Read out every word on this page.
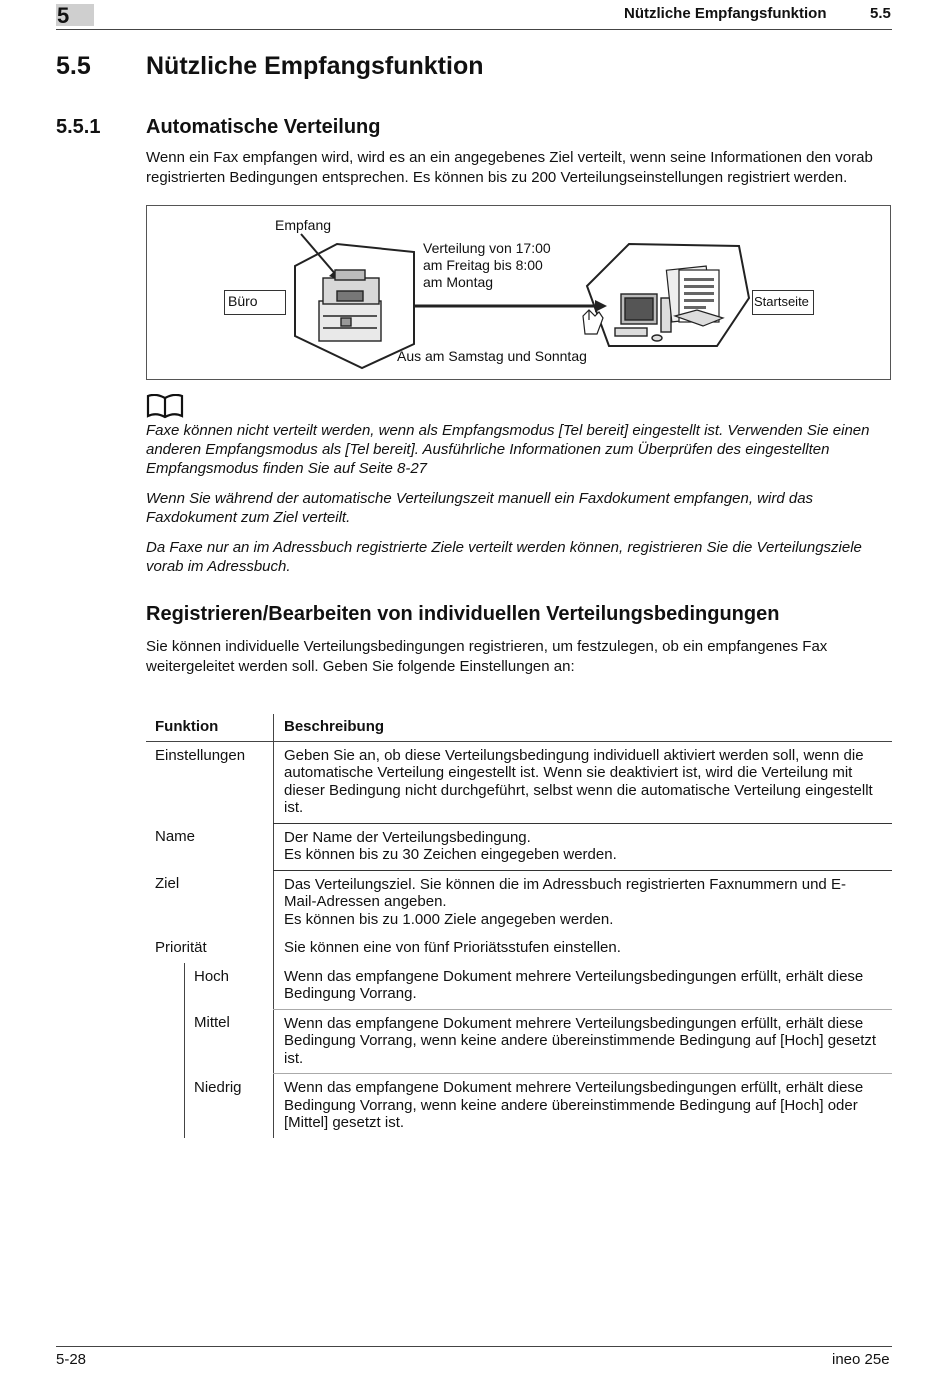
5	Nützliche Empfangsfunktion	5.5
5.5 Nützliche Empfangsfunktion
5.5.1 Automatische Verteilung
Wenn ein Fax empfangen wird, wird es an ein angegebenes Ziel verteilt, wenn seine Informationen den vorab registrierten Bedingungen entsprechen. Es können bis zu 200 Verteilungseinstellungen registriert werden.
Empfang
Büro
Verteilung von 17:00
am Freitag bis 8:00
am Montag
Startseite
Aus am Samstag und Sonntag
Faxe können nicht verteilt werden, wenn als Empfangsmodus [Tel bereit] eingestellt ist. Verwenden Sie einen anderen Empfangsmodus als [Tel bereit]. Ausführliche Informationen zum Überprüfen des eingestellten Empfangsmodus finden Sie auf Seite 8-27
Wenn Sie während der automatische Verteilungszeit manuell ein Faxdokument empfangen, wird das Faxdokument zum Ziel verteilt.
Da Faxe nur an im Adressbuch registrierte Ziele verteilt werden können, registrieren Sie die Verteilungsziele vorab im Adressbuch.
Registrieren/Bearbeiten von individuellen Verteilungsbedingungen
Sie können individuelle Verteilungsbedingungen registrieren, um festzulegen, ob ein empfangenes Fax weitergeleitet werden soll. Geben Sie folgende Einstellungen an:
Funktion	Beschreibung
Einstellungen	Geben Sie an, ob diese Verteilungsbedingung individuell aktiviert werden soll, wenn die automatische Verteilung eingestellt ist. Wenn sie deaktiviert ist, wird die Verteilung mit dieser Bedingung nicht durchgeführt, selbst wenn die automatische Verteilung eingestellt ist.
Name	Der Name der Verteilungsbedingung.
Es können bis zu 30 Zeichen eingegeben werden.

Ziel	Das Verteilungsziel. Sie können die im Adressbuch registrierten Faxnummern und E-Mail-Adressen angeben.
Es können bis zu 1.000 Ziele angegeben werden.

Priorität	Sie können eine von fünf Prioriätsstufen einstellen.

Hoch	Wenn das empfangene Dokument mehrere Verteilungsbedingungen erfüllt, erhält diese Bedingung Vorrang.

Mittel	Wenn das empfangene Dokument mehrere Verteilungsbedingungen erfüllt, erhält diese Bedingung Vorrang, wenn keine andere übereinstimmende Bedingung auf [Hoch] gesetzt ist.

Niedrig	Wenn das empfangene Dokument mehrere Verteilungsbedingungen erfüllt, erhält diese Bedingung Vorrang, wenn keine andere übereinstimmende Bedingung auf [Hoch] oder [Mittel] gesetzt ist.
5-28	ineo 25e
